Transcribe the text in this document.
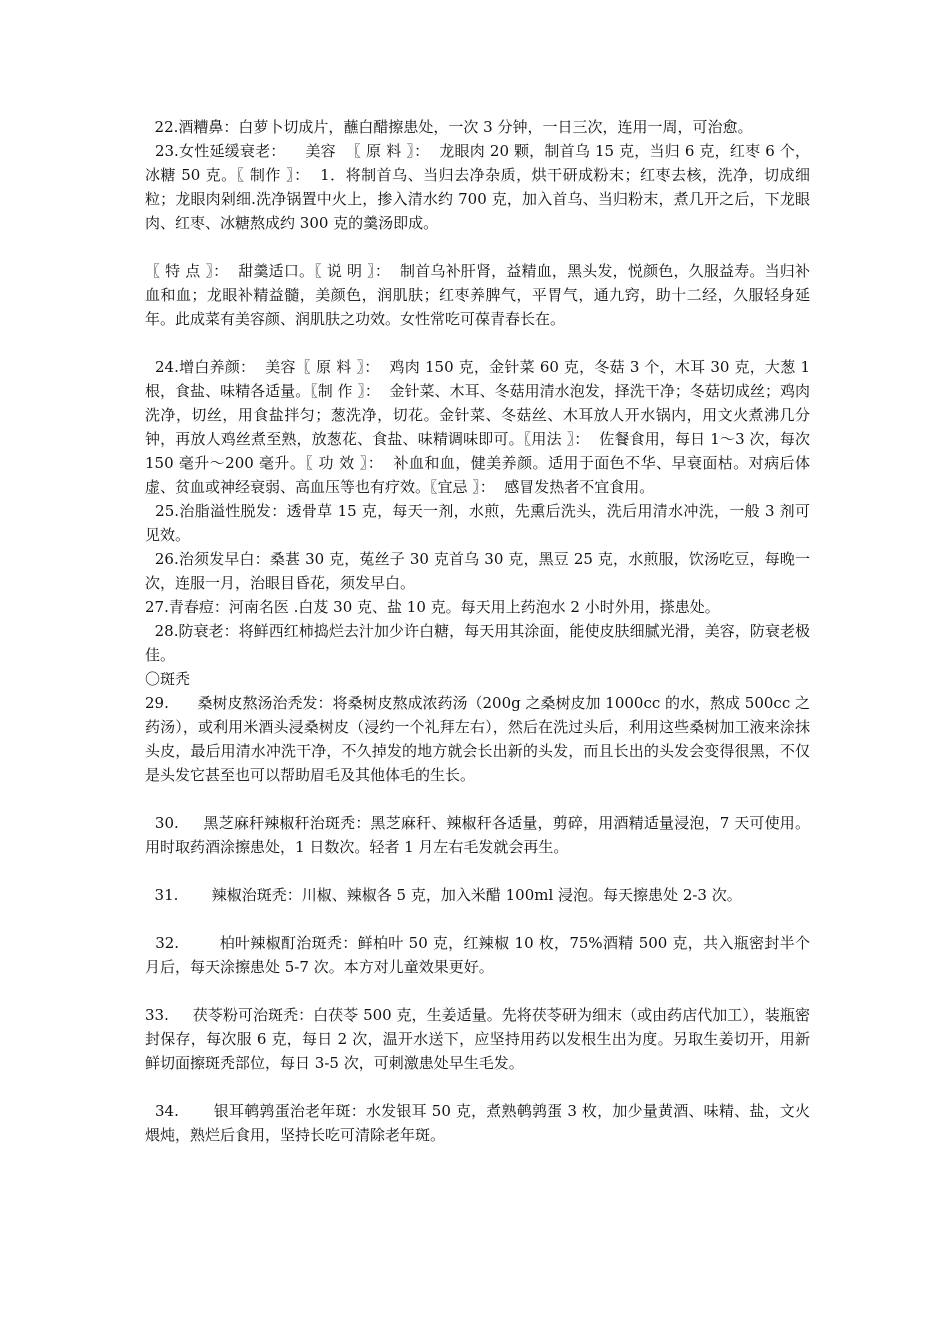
22.酒糟鼻：白萝卜切成片，蘸白醋擦患处，一次 3 分钟，一日三次，连用一周，可治愈。

23.女性延缓衰老：    美容  〖 原 料 〗：  龙眼肉 20 颗，制首乌 15 克，当归 6 克，红枣 6 个，冰糖 50 克。〖 制作 〗：  1．将制首乌、当归去净杂质，烘干研成粉末；红枣去核，洗净，切成细粒；龙眼肉剁细.洗净锅置中火上，掺入清水约 700 克，加入首乌、当归粉末，煮几开之后，下龙眼肉、红枣、冰糖熬成约 300 克的羹汤即成。

〖 特 点 〗：  甜羹适口。〖 说 明 〗：  制首乌补肝肾，益精血，黑头发，悦颜色，久服益寿。当归补血和血；龙眼补精益髓，美颜色，润肌肤；红枣养脾气，平胃气，通九窍，助十二经，久服轻身延年。此成菜有美容颜、润肌肤之功效。女性常吃可葆青春长在。

24.增白养颜：  美容〖 原 料 〗：  鸡肉 150 克，金针菜 60 克，冬菇 3 个，木耳 30 克，大葱 1 根，食盐、味精各适量。〖制 作 〗：  金针菜、木耳、冬菇用清水泡发，择洗干净；冬菇切成丝；鸡肉洗净，切丝，用食盐拌匀；葱洗净，切花。金针菜、冬菇丝、木耳放人开水锅内，用文火煮沸几分钟，再放人鸡丝煮至熟，放葱花、食盐、味精调味即可。〖用法 〗：  佐餐食用，每日 1～3 次，每次 150 毫升～200 毫升。〖 功 效 〗：  补血和血，健美养颜。适用于面色不华、早衰面枯。对病后体虚、贫血或神经衰弱、高血压等也有疗效。〖宜忌 〗：  感冒发热者不宜食用。

25.治脂溢性脱发：透骨草 15 克，每天一剂，水煎，先熏后洗头，洗后用清水冲洗，一般 3 剂可见效。

26.治须发早白：桑葚 30 克，菟丝子 30 克首乌 30 克，黑豆 25 克，水煎服，饮汤吃豆，每晚一次，连服一月，治眼目昏花，须发早白。

27.青春痘：河南名医 .白芨 30 克、盐 10 克。每天用上药泡水 2 小时外用，搽患处。

28.防衰老：将鲜西红柿捣烂去汁加少许白糖，每天用其涂面，能使皮肤细腻光滑，美容，防衰老极佳。

〇斑秃

29.      桑树皮熬汤治秃发：将桑树皮熬成浓药汤（200g 之桑树皮加 1000cc 的水，熬成 500cc 之药汤），或利用米酒头浸桑树皮（浸约一个礼拜左右），然后在洗过头后，利用这些桑树加工液来涂抹头皮，最后用清水冲洗干净，不久掉发的地方就会长出新的头发，而且长出的头发会变得很黑，不仅是头发它甚至也可以帮助眉毛及其他体毛的生长。

30.     黑芝麻秆辣椒秆治斑秃：黑芝麻秆、辣椒秆各适量，剪碎，用酒精适量浸泡，7 天可使用。用时取药酒涂擦患处，1 日数次。轻者 1 月左右毛发就会再生。

31.       辣椒治斑秃：川椒、辣椒各 5 克，加入米醋 100ml 浸泡。每天擦患处 2-3 次。

32.        柏叶辣椒酊治斑秃：鲜柏叶 50 克，红辣椒 10 枚，75%酒精 500 克，共入瓶密封半个月后，每天涂擦患处 5-7 次。本方对儿童效果更好。

33.     茯苓粉可治斑秃：白茯苓 500 克，生姜适量。先将茯苓研为细末（或由药店代加工），装瓶密封保存，每次服 6 克，每日 2 次，温开水送下，应坚持用药以发根生出为度。另取生姜切开，用新鲜切面擦斑秃部位，每日 3-5 次，可刺激患处早生毛发。

34.       银耳鹌鹑蛋治老年斑：水发银耳 50 克，煮熟鹌鹑蛋 3 枚，加少量黄酒、味精、盐，文火煨炖，熟烂后食用，坚持长吃可清除老年斑。
